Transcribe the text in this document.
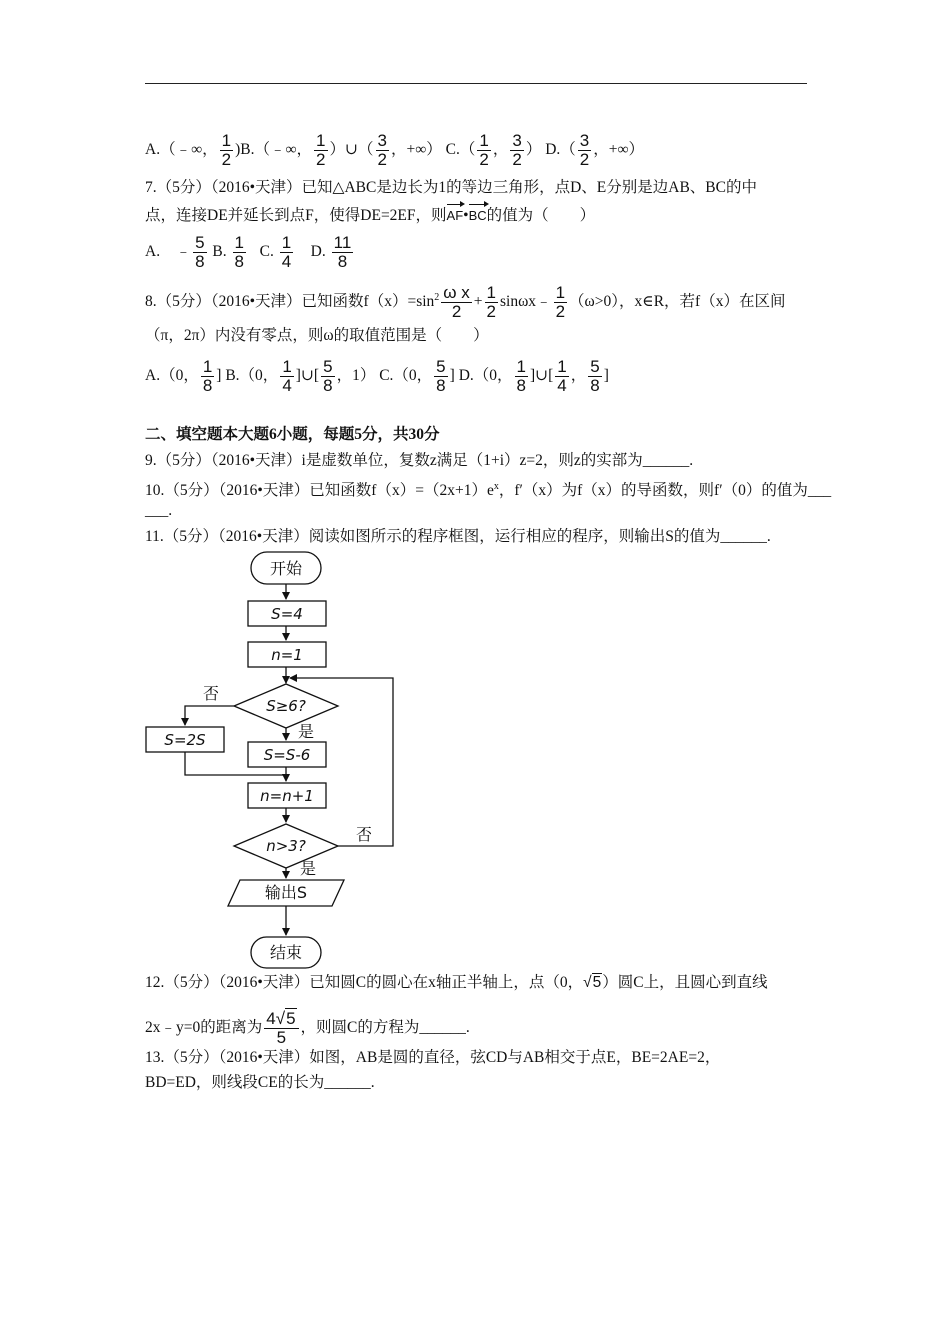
A.（﹣∞， $\frac{1}{2}$ )B.（﹣∞， $\frac{1}{2}$ ）∪（ $\frac{3}{2}$ ，+∞） $C.( \frac{1}{2}$ ， $\frac{3}{2}$ ） $D.( \frac{3}{2}$ ，+∞）
7.（5分）（2016•天津）已知△ABC是边长为1的等边三角形，点D、E分别是边AB、BC的中
点，连接DE并延长到点F，使得DE=2EF，则AF•BC的值为（　　）
A.　﹣ $\frac{5}{8} B$. $\frac{1}{8} C$. $\frac{1}{4} D$. $\frac{11}{8}$
8.（5分）（2016•天津）已知函数$f(x)=\sin^2 \frac{\text{ω x}}{2} + \frac{1}{2}$ sinωx﹣ $\frac{1}{2} (\omega>0)$，x∈R，若f（x）在区间
（π，2π）内没有零点，则ω的取值范围是（　　）
A.（0， $\frac{1}{8}$ ] B.（0， $\frac{1}{4}$ ]∪[ $\frac{5}{8}$ ，1） C.（0， $\frac{5}{8}$ ] D.（0， $\frac{1}{8}$ ]∪[ $\frac{1}{4}$ ， $\frac{5}{8}$ ]
二、填空题本大题6小题，每题5分，共30分
9.（5分）（2016•天津）i是虚数单位，复数z满足（1+i）z=2，则z的实部为______.
10.（5分）（2016•天津）已知函数$f(x)=(2x+1)e^x$，f′（x）为f（x）的导函数，则f′（0）的值为___
___.
11.（5分）（2016•天津）阅读如图所示的程序框图，运行相应的程序，则输出S的值为______.
开始
S=4
n=1
S≥6?
否
是
S=2S
S=S-6
n=n+1
n>3?
否
是
输出S
结束
12.（5分）（2016•天津）已知圆C的圆心在x轴正半轴上，点（0，√5）圆C上，且圆心到直线
2x﹣y=0的距离为 $\frac{4√5}{5}$ ，则圆C的方程为______.
13.（5分）（2016•天津）如图，AB是圆的直径，弦CD与AB相交于点E，BE=2AE=2，
BD=ED，则线段CE的长为______.
